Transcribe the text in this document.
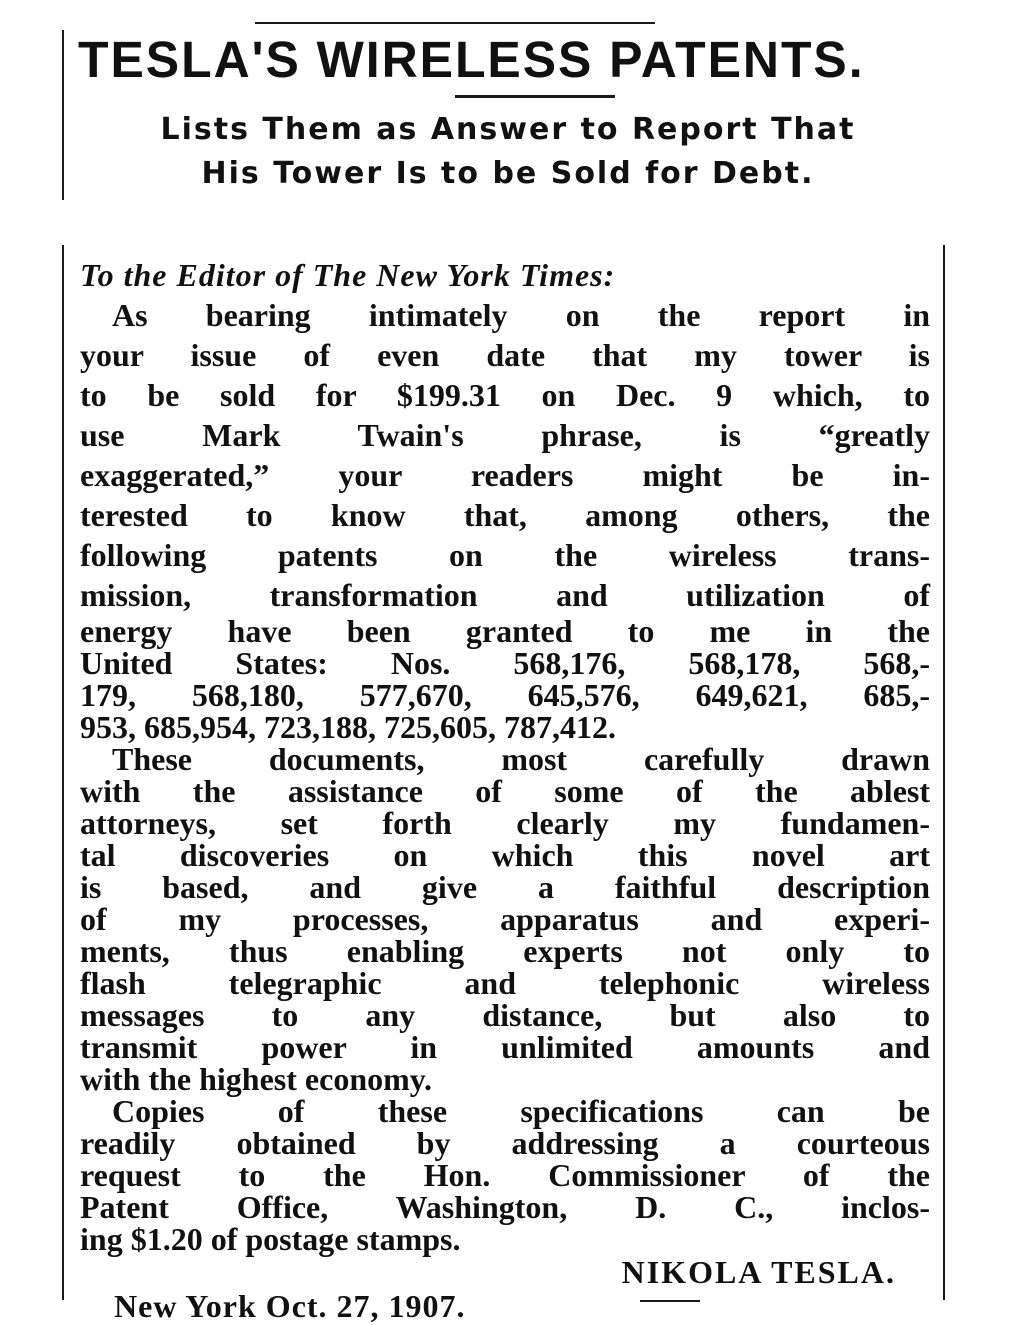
TESLA'S WIRELESS PATENTS.
Lists Them as Answer to Report That
His Tower Is to be Sold for Debt.
To the Editor of The New York Times:
As bearing intimately on the report in
your issue of even date that my tower is
to be sold for $199.31 on Dec. 9 which, to
use Mark Twain's phrase, is “greatly
exaggerated,” your readers might be in-
terested to know that, among others, the
following patents on the wireless trans-
mission, transformation and utilization of
energy have been granted to me in the
United States: Nos. 568,176, 568,178, 568,-
179, 568,180, 577,670, 645,576, 649,621, 685,-
953, 685,954, 723,188, 725,605, 787,412.
These documents, most carefully drawn
with the assistance of some of the ablest
attorneys, set forth clearly my fundamen-
tal discoveries on which this novel art
is based, and give a faithful description
of my processes, apparatus and experi-
ments, thus enabling experts not only to
flash telegraphic and telephonic wireless
messages to any distance, but also to
transmit power in unlimited amounts and
with the highest economy.
Copies of these specifications can be
readily obtained by addressing a courteous
request to the Hon. Commissioner of the
Patent Office, Washington, D. C., inclos-
ing $1.20 of postage stamps.
NIKOLA TESLA.
New York Oct. 27, 1907.
